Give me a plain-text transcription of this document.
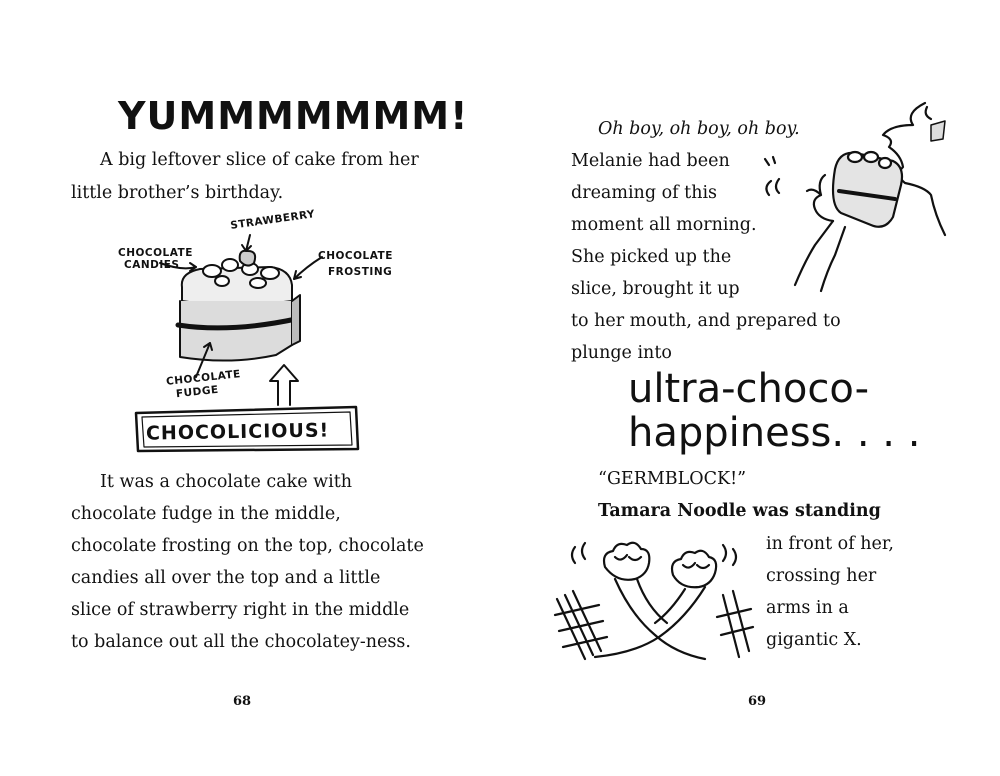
YUMMMMMMM!
A big leftover slice of cake from her
little brother’s birthday.
STRAWBERRY
CHOCOLATE
CANDIES
CHOCOLATE
FROSTING
CHOCOLATE
FUDGE
CHOCOLICIOUS!
It was a chocolate cake with
chocolate fudge in the middle,
chocolate frosting on the top, chocolate
candies all over the top and a little
slice of strawberry right in the middle
to balance out all the chocolatey-ness.
68
Oh boy, oh boy, oh boy.
Melanie had been
dreaming of this
moment all morning.
She picked up the
slice, brought it up
to her mouth, and prepared to
plunge into
ultra-choco-
happiness. . . .
“GERMBLOCK!”
Tamara Noodle was standing
in front of her,
crossing her
arms in a
gigantic X.
69
